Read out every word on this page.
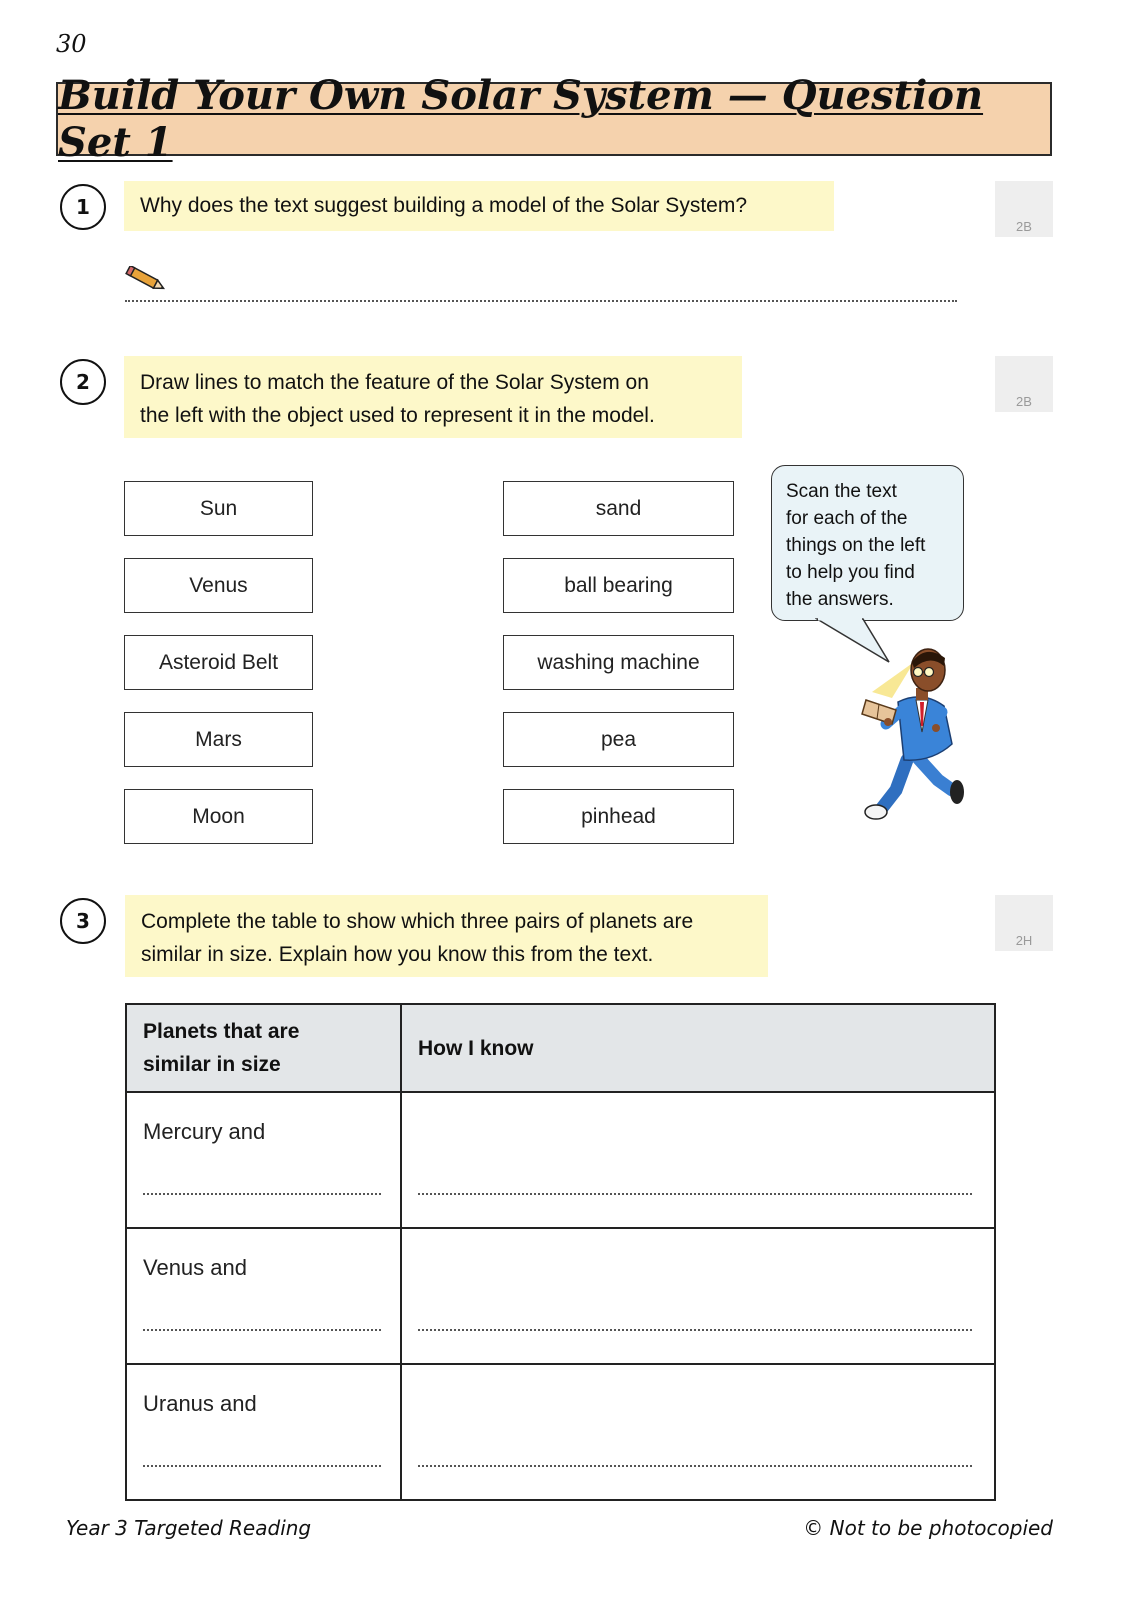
30
Build Your Own Solar System — Question Set 1
1	Why does the text suggest building a model of the Solar System?
2B
2	Draw lines to match the feature of the Solar System on
the left with the object used to represent it in the model.
2B
Sun
Venus
Asteroid Belt
Mars
Moon
sand
ball bearing
washing machine
pea
pinhead
Scan the text
for each of the
things on the left
to help you find
the answers.
3	Complete the table to show which three pairs of planets are
similar in size. Explain how you know this from the text.
2H
Planets that are
similar in size	How I know

Mercury and	

Venus and	

Uranus and	

Year 3 Targeted Reading	© Not to be photocopied
